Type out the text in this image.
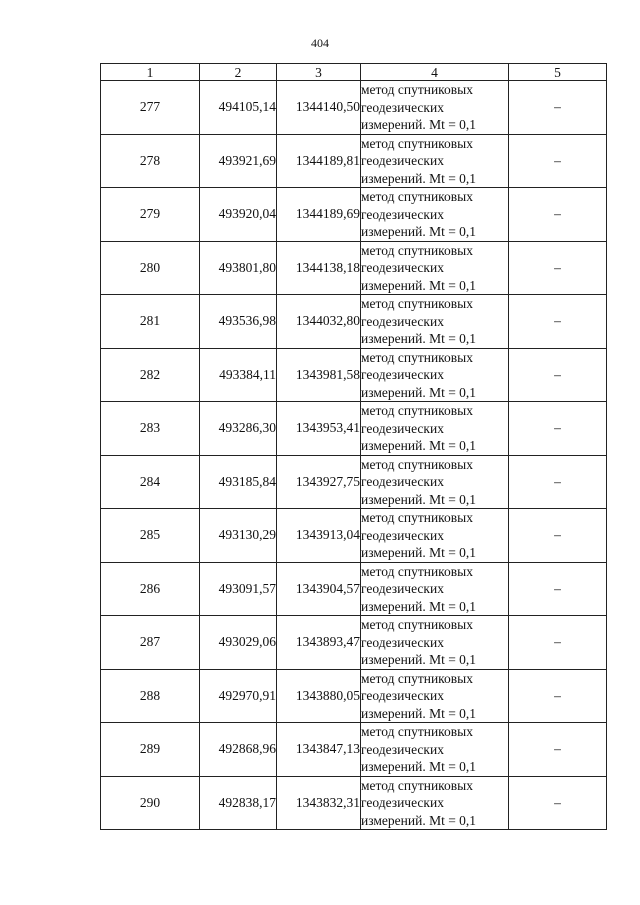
404
1	2	3	4	5
277	494105,14	1344140,50	метод спутниковых
геодезических
измерений. Mt = 0,1	–
278	493921,69	1344189,81	метод спутниковых
геодезических
измерений. Mt = 0,1	–
279	493920,04	1344189,69	метод спутниковых
геодезических
измерений. Mt = 0,1	–
280	493801,80	1344138,18	метод спутниковых
геодезических
измерений. Mt = 0,1	–
281	493536,98	1344032,80	метод спутниковых
геодезических
измерений. Mt = 0,1	–
282	493384,11	1343981,58	метод спутниковых
геодезических
измерений. Mt = 0,1	–
283	493286,30	1343953,41	метод спутниковых
геодезических
измерений. Mt = 0,1	–
284	493185,84	1343927,75	метод спутниковых
геодезических
измерений. Mt = 0,1	–
285	493130,29	1343913,04	метод спутниковых
геодезических
измерений. Mt = 0,1	–
286	493091,57	1343904,57	метод спутниковых
геодезических
измерений. Mt = 0,1	–
287	493029,06	1343893,47	метод спутниковых
геодезических
измерений. Mt = 0,1	–
288	492970,91	1343880,05	метод спутниковых
геодезических
измерений. Mt = 0,1	–
289	492868,96	1343847,13	метод спутниковых
геодезических
измерений. Mt = 0,1	–
290	492838,17	1343832,31	метод спутниковых
геодезических
измерений. Mt = 0,1	–
